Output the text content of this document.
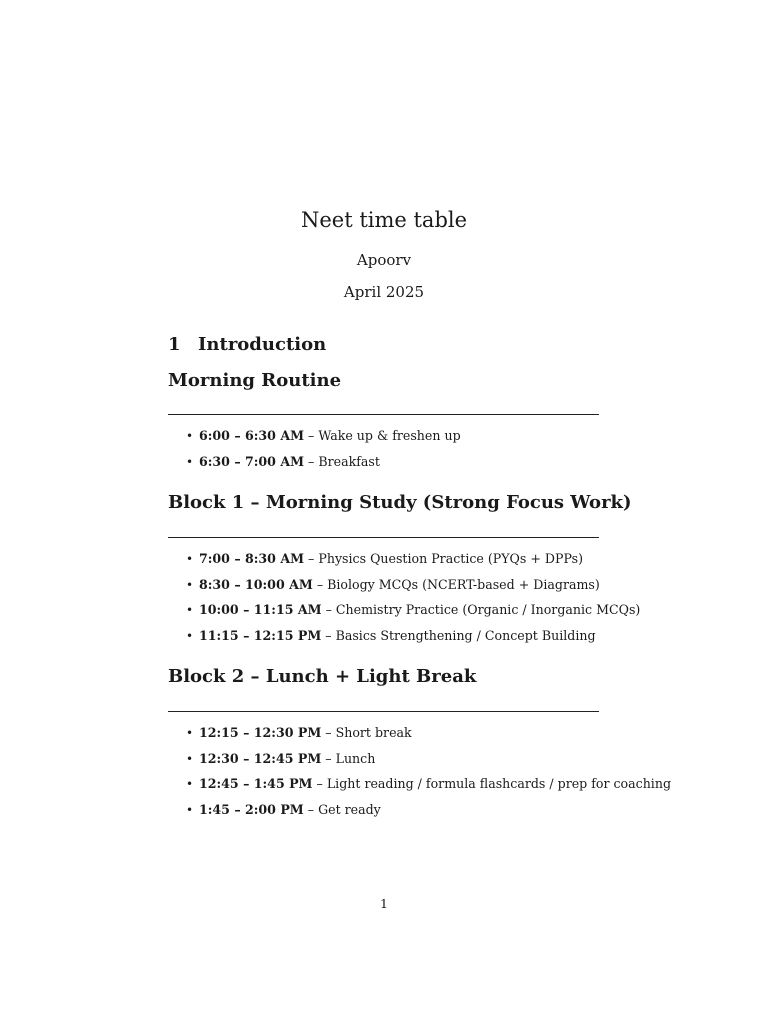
Neet time table
Apoorv
April 2025
1 Introduction
Morning Routine
• 6:00 – 6:30 AM – Wake up & freshen up
• 6:30 – 7:00 AM – Breakfast
Block 1 – Morning Study (Strong Focus Work)
• 7:00 – 8:30 AM – Physics Question Practice (PYQs + DPPs)
• 8:30 – 10:00 AM – Biology MCQs (NCERT-based + Diagrams)
• 10:00 – 11:15 AM – Chemistry Practice (Organic / Inorganic MCQs)
• 11:15 – 12:15 PM – Basics Strengthening / Concept Building
Block 2 – Lunch + Light Break
• 12:15 – 12:30 PM – Short break
• 12:30 – 12:45 PM – Lunch
• 12:45 – 1:45 PM – Light reading / formula flashcards / prep for coaching
• 1:45 – 2:00 PM – Get ready
1
